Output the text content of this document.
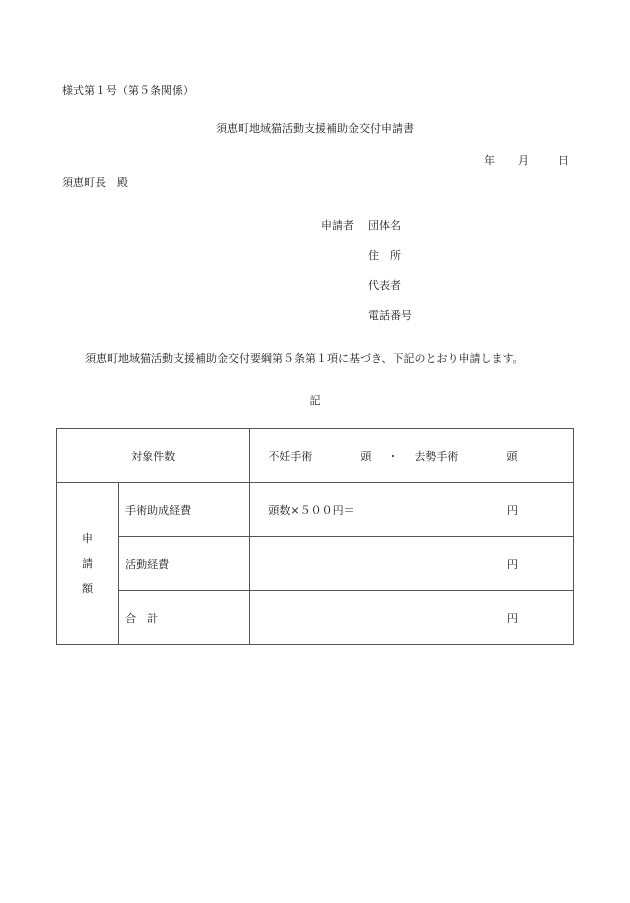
様式第１号（第５条関係）
須恵町地域猫活動支援補助金交付申請書
年 月	日
須恵町長　殿
申請者 団体名
住　所
代表者
電話番号
須恵町地域猫活動支援補助金交付要綱第５条第１項に基づき、下記のとおり申請します。
記
対象件数		不妊手術 頭 ・ 去勢手術 頭

申
請
額	手術助成経費	頭数×５００円＝ 円

	活動経費	円

	合　計	円
